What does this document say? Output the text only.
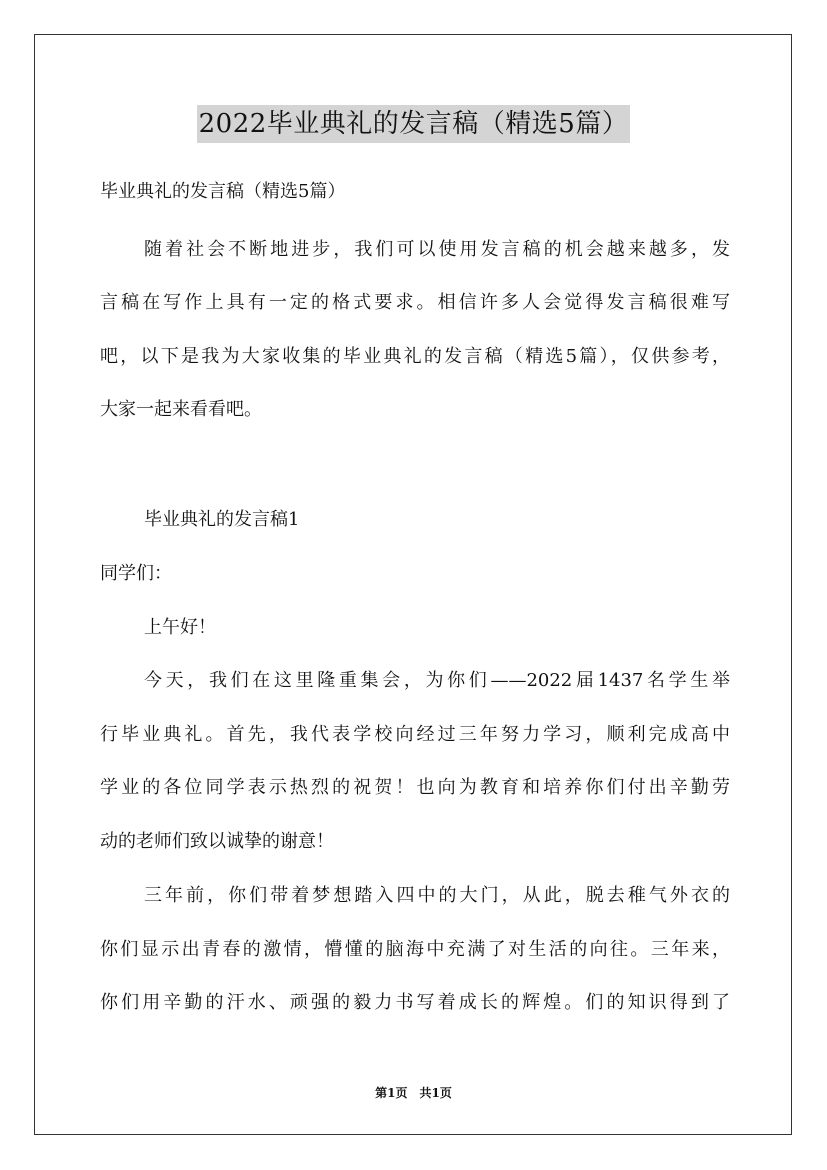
2022毕业典礼的发言稿（精选5篇）

毕业典礼的发言稿（精选5篇）

随着社会不断地进步，我们可以使用发言稿的机会越来越多，发

言稿在写作上具有一定的格式要求。相信许多人会觉得发言稿很难写

吧，以下是我为大家收集的毕业典礼的发言稿（精选5篇），仅供参考，

大家一起来看看吧。

毕业典礼的发言稿1

同学们：

上午好！

今天，我们在这里隆重集会，为你们——2022届1437名学生举

行毕业典礼。首先，我代表学校向经过三年努力学习，顺利完成高中

学业的各位同学表示热烈的祝贺！也向为教育和培养你们付出辛勤劳

动的老师们致以诚挚的谢意！

三年前，你们带着梦想踏入四中的大门，从此，脱去稚气外衣的

你们显示出青春的激情，懵懂的脑海中充满了对生活的向往。三年来，

你们用辛勤的汗水、顽强的毅力书写着成长的辉煌。们的知识得到了

第1页　共1页
